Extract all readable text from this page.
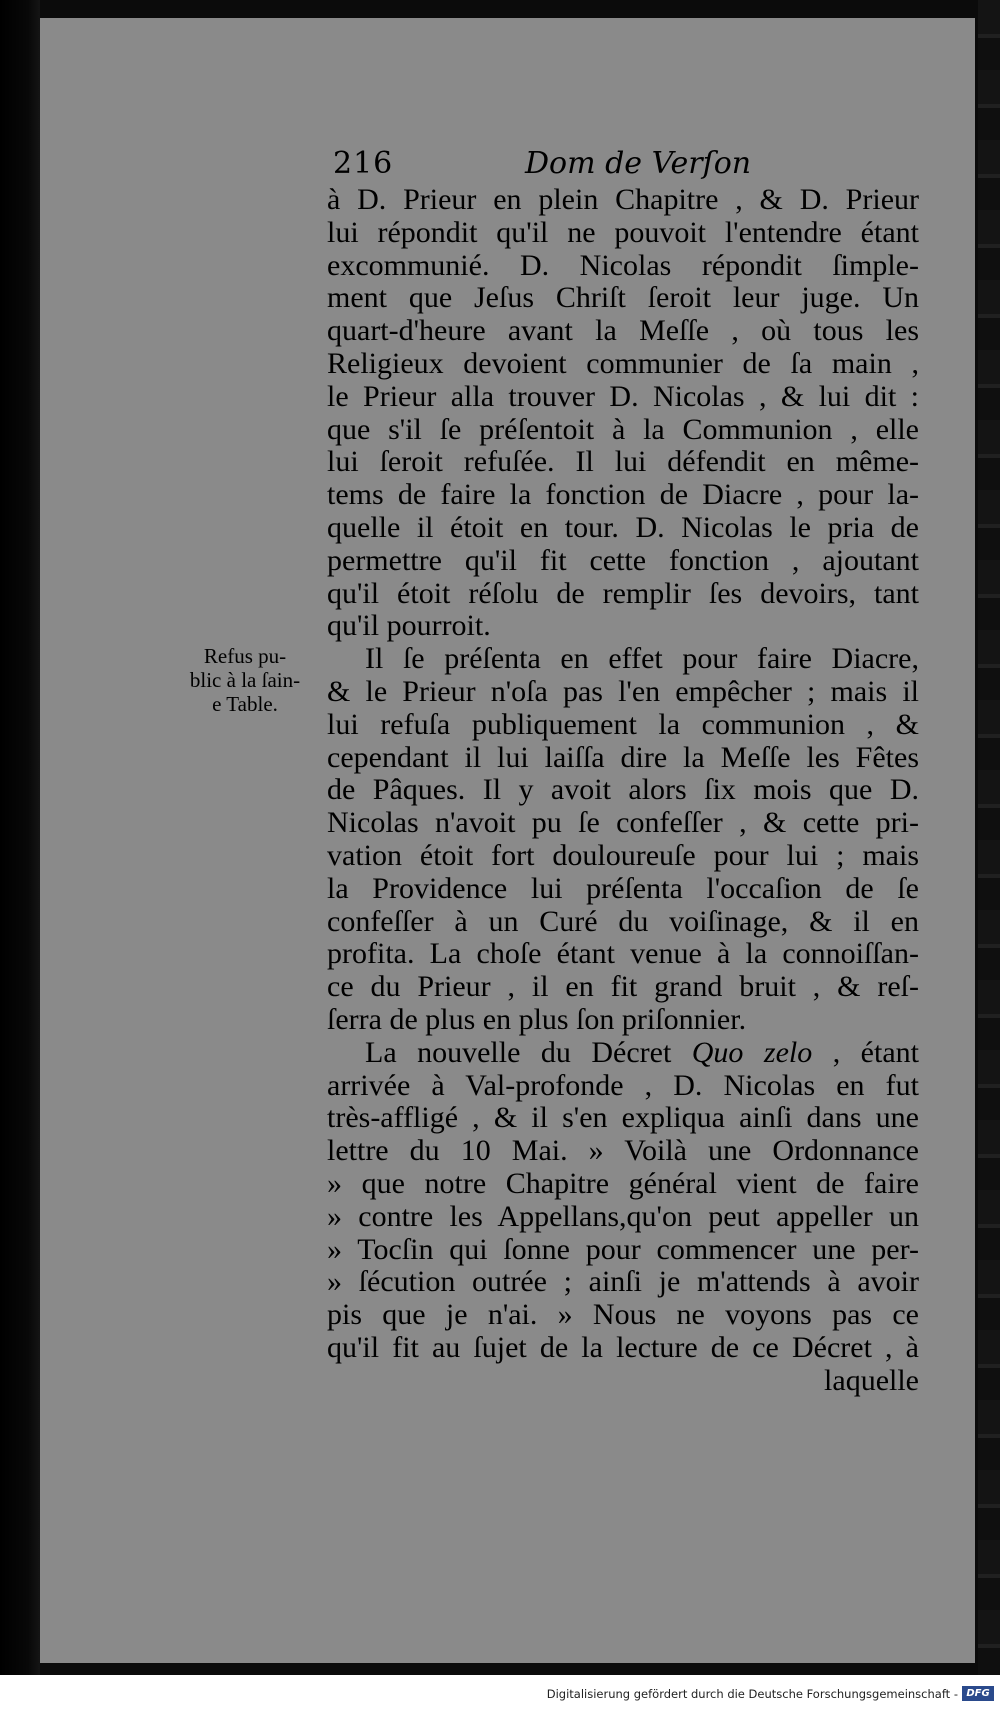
216	Dom de Verſon
Refus pu-
blic à la ſain-
e Table.
à D. Prieur en plein Chapitre , & D. Prieur
lui répondit qu'il ne pouvoit l'entendre étant
excommunié. D. Nicolas répondit ſimple-
ment que Jeſus Chriſt ſeroit leur juge. Un
quart-d'heure avant la Meſſe , où tous les
Religieux devoient communier de ſa main ,
le Prieur alla trouver D. Nicolas , & lui dit :
que s'il ſe préſentoit à la Communion , elle
lui ſeroit refuſée. Il lui défendit en même-
tems de faire la fonction de Diacre , pour la-
quelle il étoit en tour. D. Nicolas le pria de
permettre qu'il fit cette fonction , ajoutant
qu'il étoit réſolu de remplir ſes devoirs, tant
qu'il pourroit.
Il ſe préſenta en effet pour faire Diacre,
& le Prieur n'oſa pas l'en empêcher ; mais il
lui refuſa publiquement la communion , &
cependant il lui laiſſa dire la Meſſe les Fêtes
de Pâques. Il y avoit alors ſix mois que D.
Nicolas n'avoit pu ſe confeſſer , & cette pri-
vation étoit fort douloureuſe pour lui ; mais
la Providence lui préſenta l'occaſion de ſe
confeſſer à un Curé du voiſinage, & il en
profita. La choſe étant venue à la connoiſſan-
ce du Prieur , il en fit grand bruit , & reſ-
ſerra de plus en plus ſon priſonnier.
La nouvelle du Décret Quo zelo , étant
arrivée à Val-profonde , D. Nicolas en fut
très-affligé , & il s'en expliqua ainſi dans une
lettre du 10 Mai. » Voilà une Ordonnance
» que notre Chapitre général vient de faire
» contre les Appellans,qu'on peut appeller un
» Tocſin qui ſonne pour commencer une per-
» ſécution outrée ; ainſi je m'attends à avoir
pis que je n'ai. » Nous ne voyons pas ce
qu'il fit au ſujet de la lecture de ce Décret , à
laquelle
Digitalisierung gefördert durch die Deutsche Forschungsgemeinschaft - DFG
